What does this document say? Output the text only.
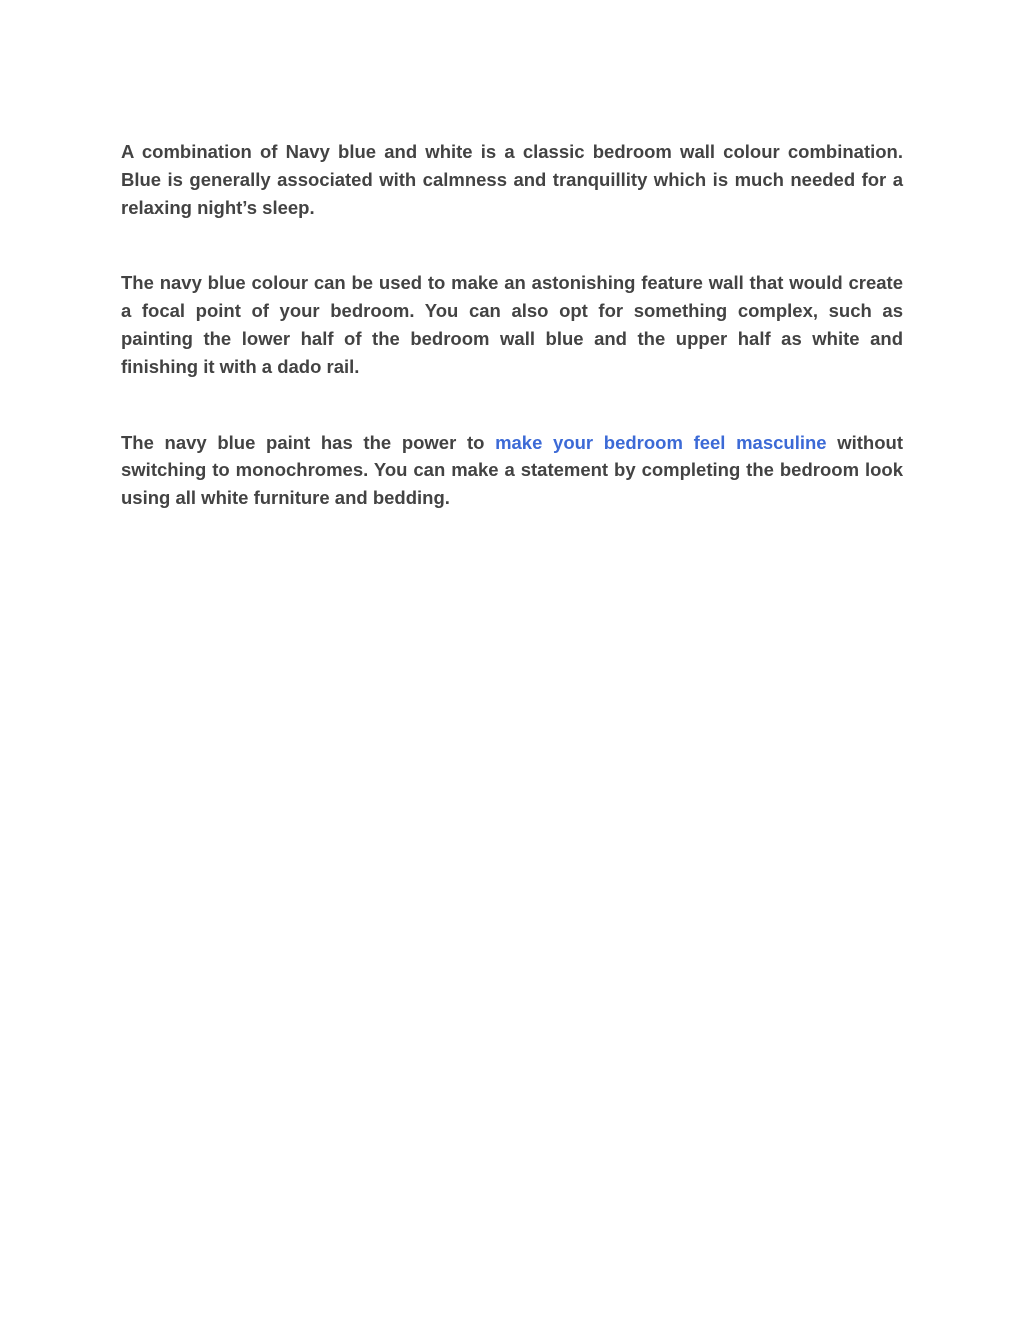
A combination of Navy blue and white is a classic bedroom wall colour combination. Blue is generally associated with calmness and tranquillity which is much needed for a relaxing night’s sleep.

The navy blue colour can be used to make an astonishing feature wall that would create a focal point of your bedroom. You can also opt for something complex, such as painting the lower half of the bedroom wall blue and the upper half as white and finishing it with a dado rail.

The navy blue paint has the power to make your bedroom feel masculine without switching to monochromes. You can make a statement by completing the bedroom look using all white furniture and bedding.
